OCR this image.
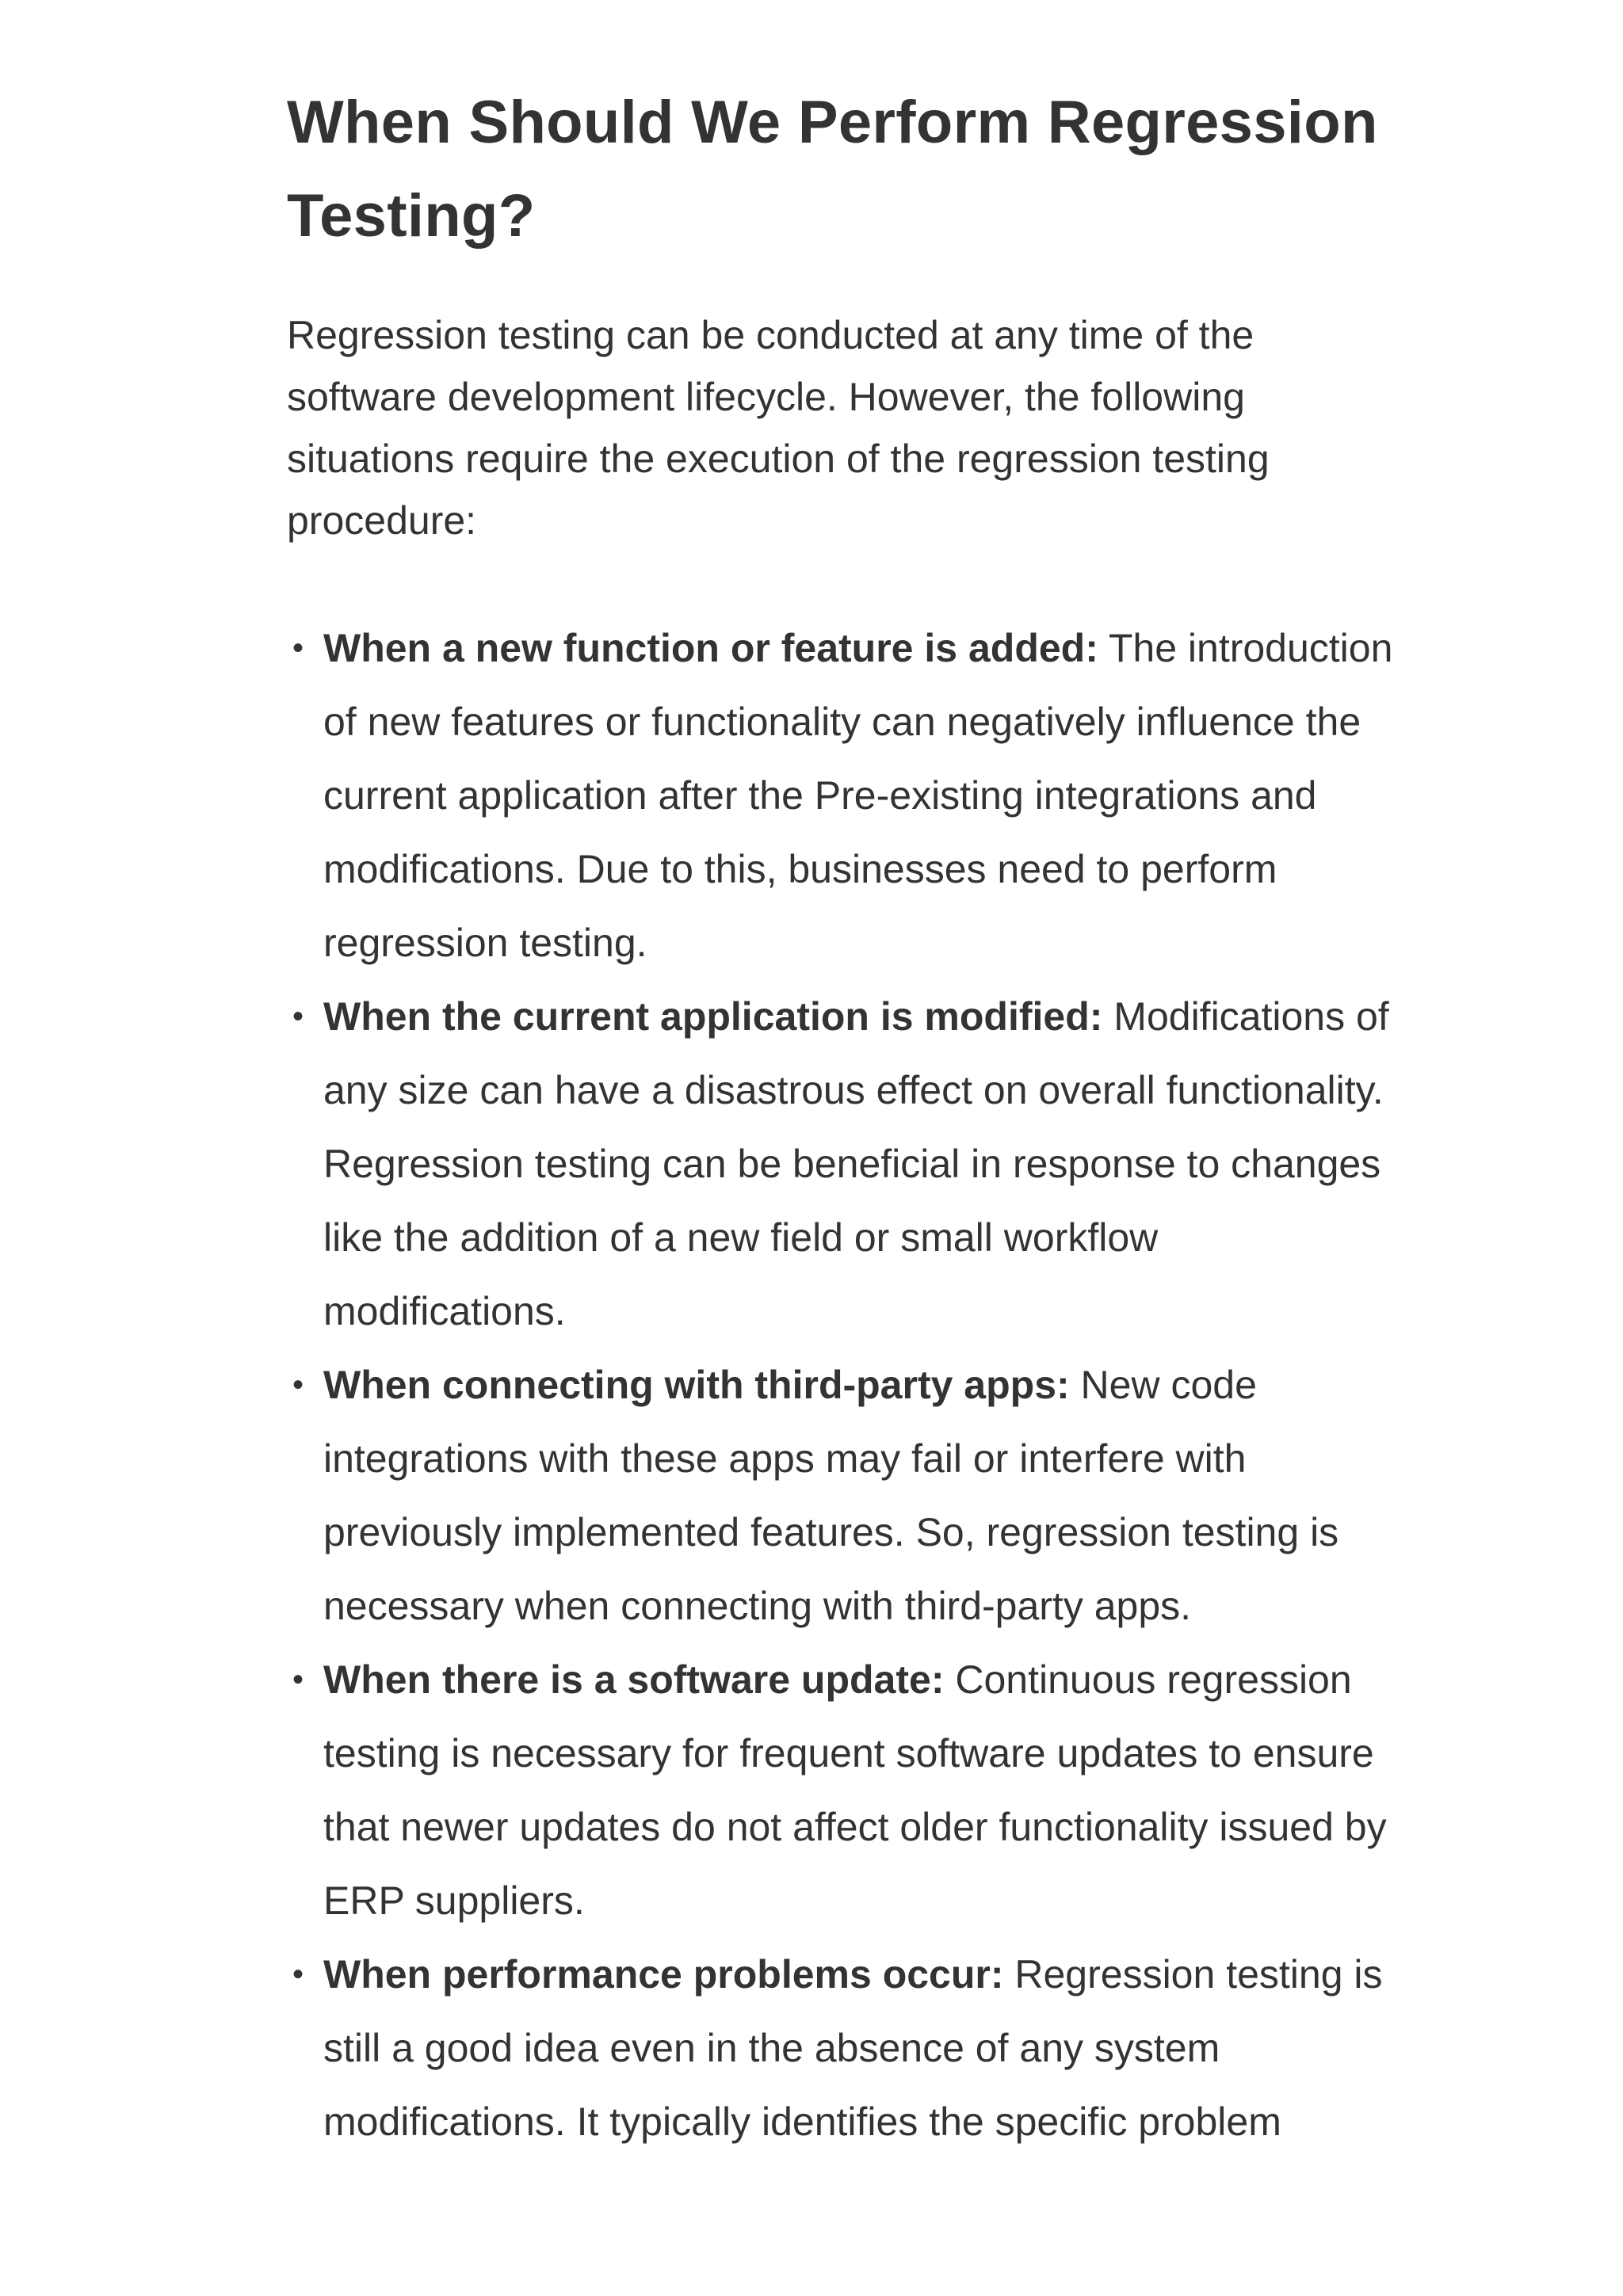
When Should We Perform Regression Testing?

Regression testing can be conducted at any time of the software development lifecycle. However, the following situations require the execution of the regression testing procedure:

• When a new function or feature is added: The introduction of new features or functionality can negatively influence the current application after the Pre-existing integrations and modifications. Due to this, businesses need to perform regression testing.
• When the current application is modified: Modifications of any size can have a disastrous effect on overall functionality. Regression testing can be beneficial in response to changes like the addition of a new field or small workflow modifications.
• When connecting with third-party apps: New code integrations with these apps may fail or interfere with previously implemented features. So, regression testing is necessary when connecting with third-party apps.
• When there is a software update: Continuous regression testing is necessary for frequent software updates to ensure that newer updates do not affect older functionality issued by ERP suppliers.
• When performance problems occur: Regression testing is still a good idea even in the absence of any system modifications. It typically identifies the specific problem
